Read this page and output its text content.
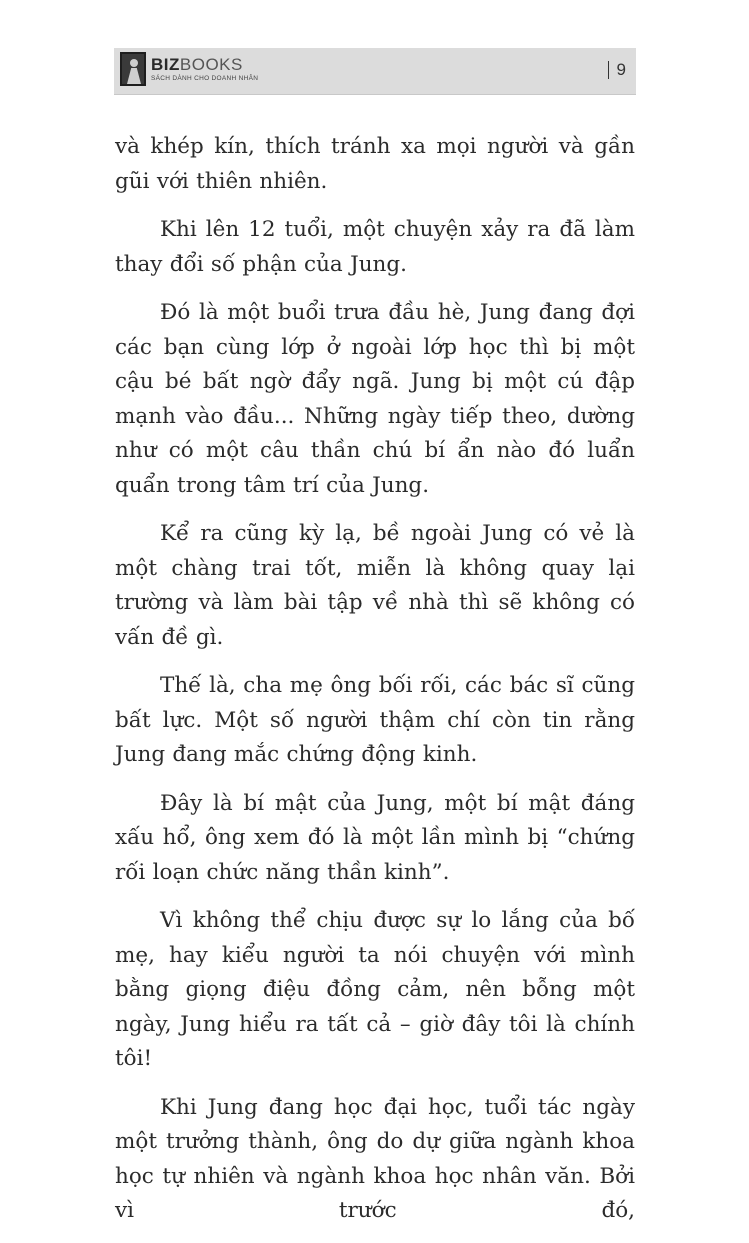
BIZBOOKS
SÁCH DÀNH CHO DOANH NHÂN	9

và khép kín, thích tránh xa mọi người và gần gũi với thiên nhiên.

Khi lên 12 tuổi, một chuyện xảy ra đã làm thay đổi số phận của Jung.

Đó là một buổi trưa đầu hè, Jung đang đợi các bạn cùng lớp ở ngoài lớp học thì bị một cậu bé bất ngờ đẩy ngã. Jung bị một cú đập mạnh vào đầu... Những ngày tiếp theo, dường như có một câu thần chú bí ẩn nào đó luẩn quẩn trong tâm trí của Jung.

Kể ra cũng kỳ lạ, bề ngoài Jung có vẻ là một chàng trai tốt, miễn là không quay lại trường và làm bài tập về nhà thì sẽ không có vấn đề gì.

Thế là, cha mẹ ông bối rối, các bác sĩ cũng bất lực. Một số người thậm chí còn tin rằng Jung đang mắc chứng động kinh.

Đây là bí mật của Jung, một bí mật đáng xấu hổ, ông xem đó là một lần mình bị “chứng rối loạn chức năng thần kinh”.

Vì không thể chịu được sự lo lắng của bố mẹ, hay kiểu người ta nói chuyện với mình bằng giọng điệu đồng cảm, nên bỗng một ngày, Jung hiểu ra tất cả – giờ đây tôi là chính tôi!

Khi Jung đang học đại học, tuổi tác ngày một trưởng thành, ông do dự giữa ngành khoa học tự nhiên và ngành khoa học nhân văn. Bởi vì trước đó,
